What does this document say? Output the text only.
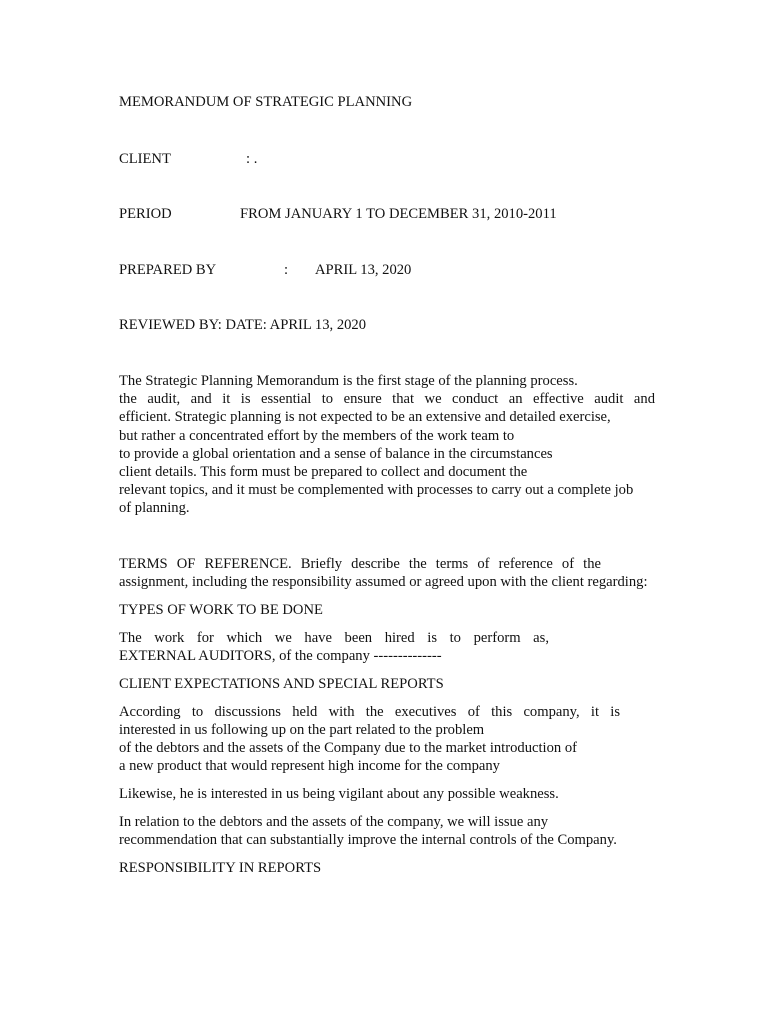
MEMORANDUM OF STRATEGIC PLANNING
CLIENT	: .
PERIOD	FROM JANUARY 1 TO DECEMBER 31, 2010-2011
PREPARED BY	: APRIL 13, 2020
REVIEWED BY: DATE: APRIL 13, 2020
The Strategic Planning Memorandum is the first stage of the planning process.
the audit, and it is essential to ensure that we conduct an effective audit and
efficient. Strategic planning is not expected to be an extensive and detailed exercise,
but rather a concentrated effort by the members of the work team to
to provide a global orientation and a sense of balance in the circumstances
client details. This form must be prepared to collect and document the
relevant topics, and it must be complemented with processes to carry out a complete job
of planning.
TERMS OF REFERENCE. Briefly describe the terms of reference of the
assignment, including the responsibility assumed or agreed upon with the client regarding:
TYPES OF WORK TO BE DONE
The work for which we have been hired is to perform as,
EXTERNAL AUDITORS, of the company --------------
CLIENT EXPECTATIONS AND SPECIAL REPORTS
According to discussions held with the executives of this company, it is
interested in us following up on the part related to the problem
of the debtors and the assets of the Company due to the market introduction of
a new product that would represent high income for the company
Likewise, he is interested in us being vigilant about any possible weakness.
In relation to the debtors and the assets of the company, we will issue any
recommendation that can substantially improve the internal controls of the Company.
RESPONSIBILITY IN REPORTS
